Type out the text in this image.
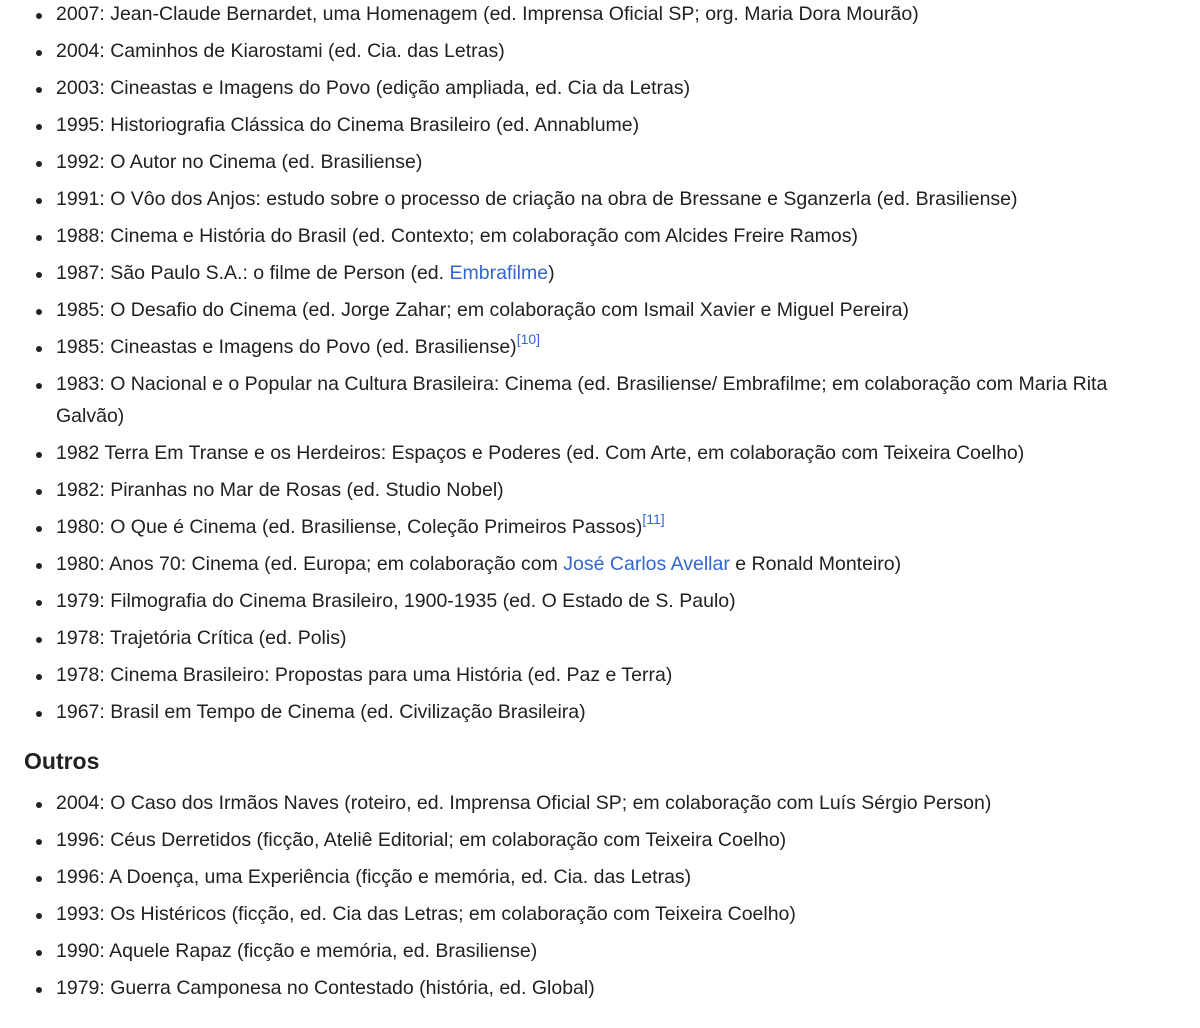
2007: Jean-Claude Bernardet, uma Homenagem (ed. Imprensa Oficial SP; org. Maria Dora Mourão)
2004: Caminhos de Kiarostami (ed. Cia. das Letras)
2003: Cineastas e Imagens do Povo (edição ampliada, ed. Cia da Letras)
1995: Historiografia Clássica do Cinema Brasileiro (ed. Annablume)
1992: O Autor no Cinema (ed. Brasiliense)
1991: O Vôo dos Anjos: estudo sobre o processo de criação na obra de Bressane e Sganzerla (ed. Brasiliense)
1988: Cinema e História do Brasil (ed. Contexto; em colaboração com Alcides Freire Ramos)
1987: São Paulo S.A.: o filme de Person (ed. Embrafilme)
1985: O Desafio do Cinema (ed. Jorge Zahar; em colaboração com Ismail Xavier e Miguel Pereira)
1985: Cineastas e Imagens do Povo (ed. Brasiliense)[10]
1983: O Nacional e o Popular na Cultura Brasileira: Cinema (ed. Brasiliense/ Embrafilme; em colaboração com Maria Rita Galvão)
1982 Terra Em Transe e os Herdeiros: Espaços e Poderes (ed. Com Arte, em colaboração com Teixeira Coelho)
1982: Piranhas no Mar de Rosas (ed. Studio Nobel)
1980: O Que é Cinema (ed. Brasiliense, Coleção Primeiros Passos)[11]
1980: Anos 70: Cinema (ed. Europa; em colaboração com José Carlos Avellar e Ronald Monteiro)
1979: Filmografia do Cinema Brasileiro, 1900-1935 (ed. O Estado de S. Paulo)
1978: Trajetória Crítica (ed. Polis)
1978: Cinema Brasileiro: Propostas para uma História (ed. Paz e Terra)
1967: Brasil em Tempo de Cinema (ed. Civilização Brasileira)
Outros
2004: O Caso dos Irmãos Naves (roteiro, ed. Imprensa Oficial SP; em colaboração com Luís Sérgio Person)
1996: Céus Derretidos (ficção, Ateliê Editorial; em colaboração com Teixeira Coelho)
1996: A Doença, uma Experiência (ficção e memória, ed. Cia. das Letras)
1993: Os Histéricos (ficção, ed. Cia das Letras; em colaboração com Teixeira Coelho)
1990: Aquele Rapaz (ficção e memória, ed. Brasiliense)
1979: Guerra Camponesa no Contestado (história, ed. Global)
